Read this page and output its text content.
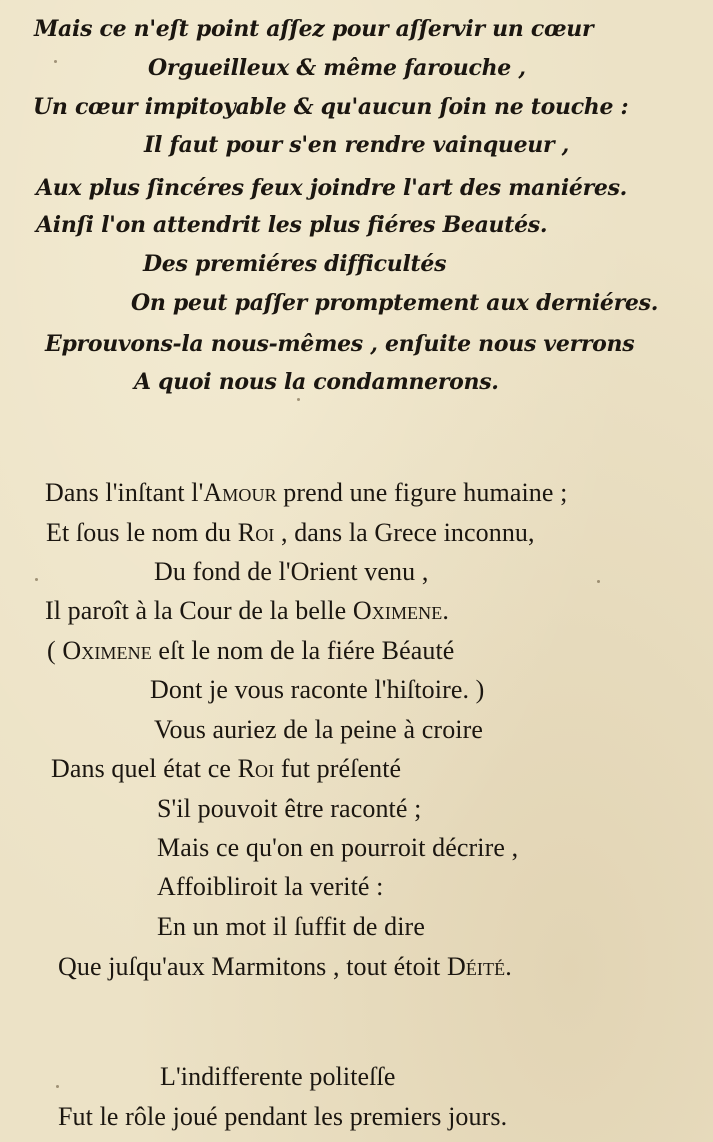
Mais ce n'eſt point aſſez pour aſſervir un cœur
Orgueilleux & même farouche ,
Un cœur impitoyable & qu'aucun ſoin ne touche :
Il faut pour s'en rendre vainqueur ,
Aux plus ſincéres feux joindre l'art des maniéres.
Ainſi l'on attendrit les plus fiéres Beautés.
Des premiéres difficultés
On peut paſſer promptement aux derniéres.
Eprouvons-la nous-mêmes , enſuite nous verrons
A quoi nous la condamnerons.
Dans l'inſtant l'Amour prend une figure humaine ;
Et ſous le nom du Roi , dans la Grece inconnu,
Du fond de l'Orient venu ,
Il paroît à la Cour de la belle Oximene.
( Oximene eſt le nom de la fiére Béauté
Dont je vous raconte l'hiſtoire. )
Vous auriez de la peine à croire
Dans quel état ce Roi fut préſenté
S'il pouvoit être raconté ;
Mais ce qu'on en pourroit décrire ,
Affoibliroit la verité :
En un mot il ſuffit de dire
Que juſqu'aux Marmitons , tout étoit Déité.
L'indifferente politeſſe
Fut le rôle joué pendant les premiers jours.
